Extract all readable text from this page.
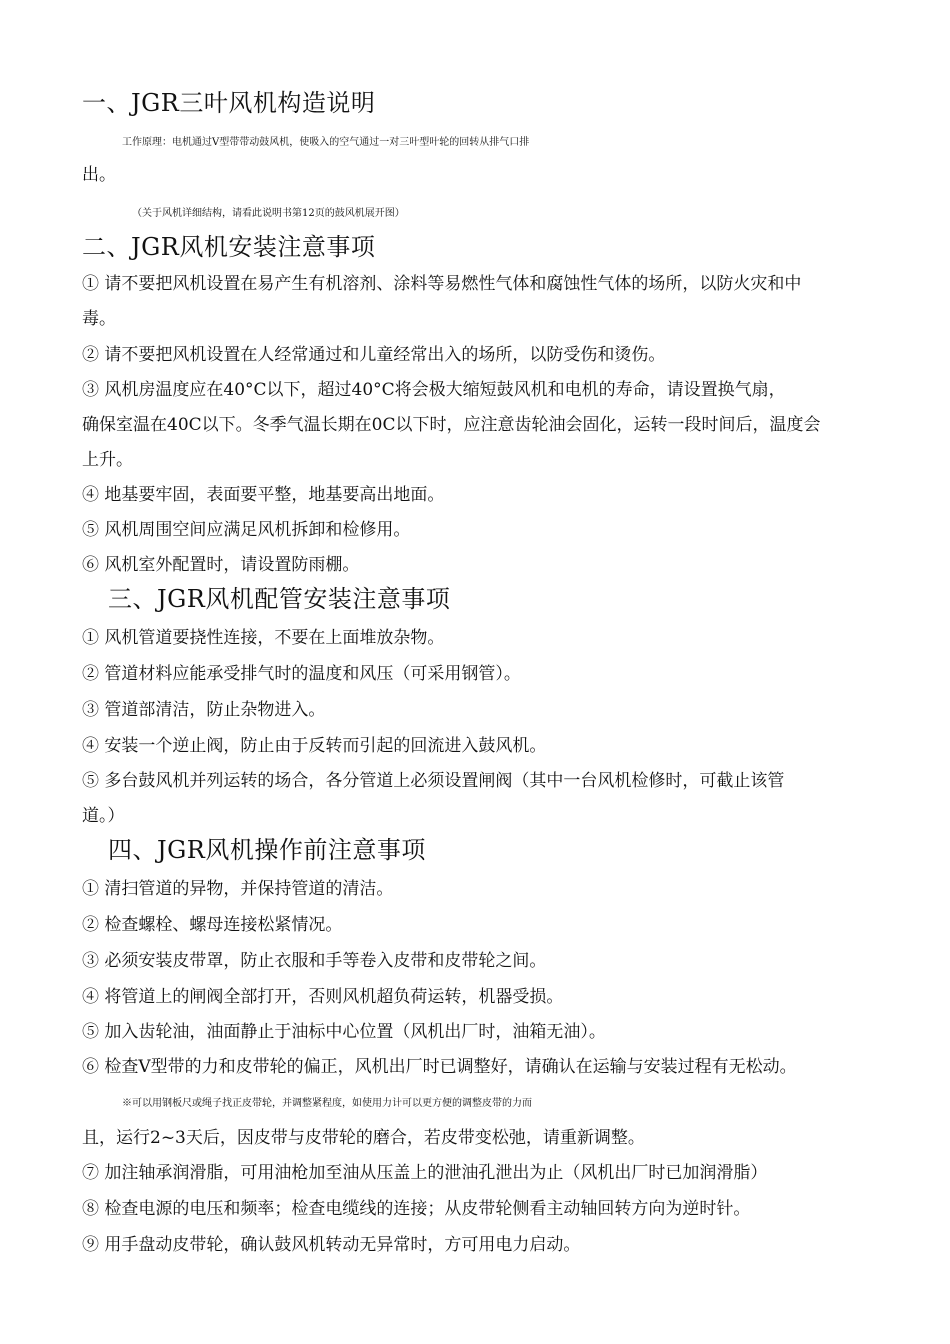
一、JGR三叶风机构造说明
工作原理：电机通过V型带带动鼓风机，使吸入的空气通过一对三叶型叶轮的回转从排气口排
出。
（关于风机详细结构，请看此说明书第12页的鼓风机展开图）
二、JGR风机安装注意事项
① 请不要把风机设置在易产生有机溶剂、涂料等易燃性气体和腐蚀性气体的场所，以防火灾和中
毒。
② 请不要把风机设置在人经常通过和儿童经常出入的场所，以防受伤和烫伤。
③ 风机房温度应在40°C以下，超过40°C将会极大缩短鼓风机和电机的寿命，请设置换气扇，
确保室温在40C以下。冬季气温长期在0C以下时，应注意齿轮油会固化，运转一段时间后，温度会
上升。
④ 地基要牢固，表面要平整，地基要高出地面。
⑤ 风机周围空间应满足风机拆卸和检修用。
⑥ 风机室外配置时，请设置防雨棚。
三、JGR风机配管安装注意事项
① 风机管道要挠性连接，不要在上面堆放杂物。
② 管道材料应能承受排气时的温度和风压（可采用钢管）。
③ 管道部清洁，防止杂物进入。
④ 安装一个逆止阀，防止由于反转而引起的回流进入鼓风机。
⑤ 多台鼓风机并列运转的场合，各分管道上必须设置闸阀（其中一台风机检修时，可截止该管
道。）
四、JGR风机操作前注意事项
① 清扫管道的异物，并保持管道的清洁。
② 检查螺栓、螺母连接松紧情况。
③ 必须安装皮带罩，防止衣服和手等卷入皮带和皮带轮之间。
④ 将管道上的闸阀全部打开，否则风机超负荷运转，机器受损。
⑤ 加入齿轮油，油面静止于油标中心位置（风机出厂时，油箱无油）。
⑥ 检查V型带的力和皮带轮的偏正，风机出厂时已调整好，请确认在运输与安装过程有无松动。
※可以用钢板尺或绳子找正皮带轮，并调整紧程度，如使用力计可以更方便的调整皮带的力而
且，运行2~3天后，因皮带与皮带轮的磨合，若皮带变松弛，请重新调整。
⑦ 加注轴承润滑脂，可用油枪加至油从压盖上的泄油孔泄出为止（风机出厂时已加润滑脂）
⑧ 检查电源的电压和频率；检查电缆线的连接；从皮带轮侧看主动轴回转方向为逆时针。
⑨ 用手盘动皮带轮，确认鼓风机转动无异常时，方可用电力启动。
